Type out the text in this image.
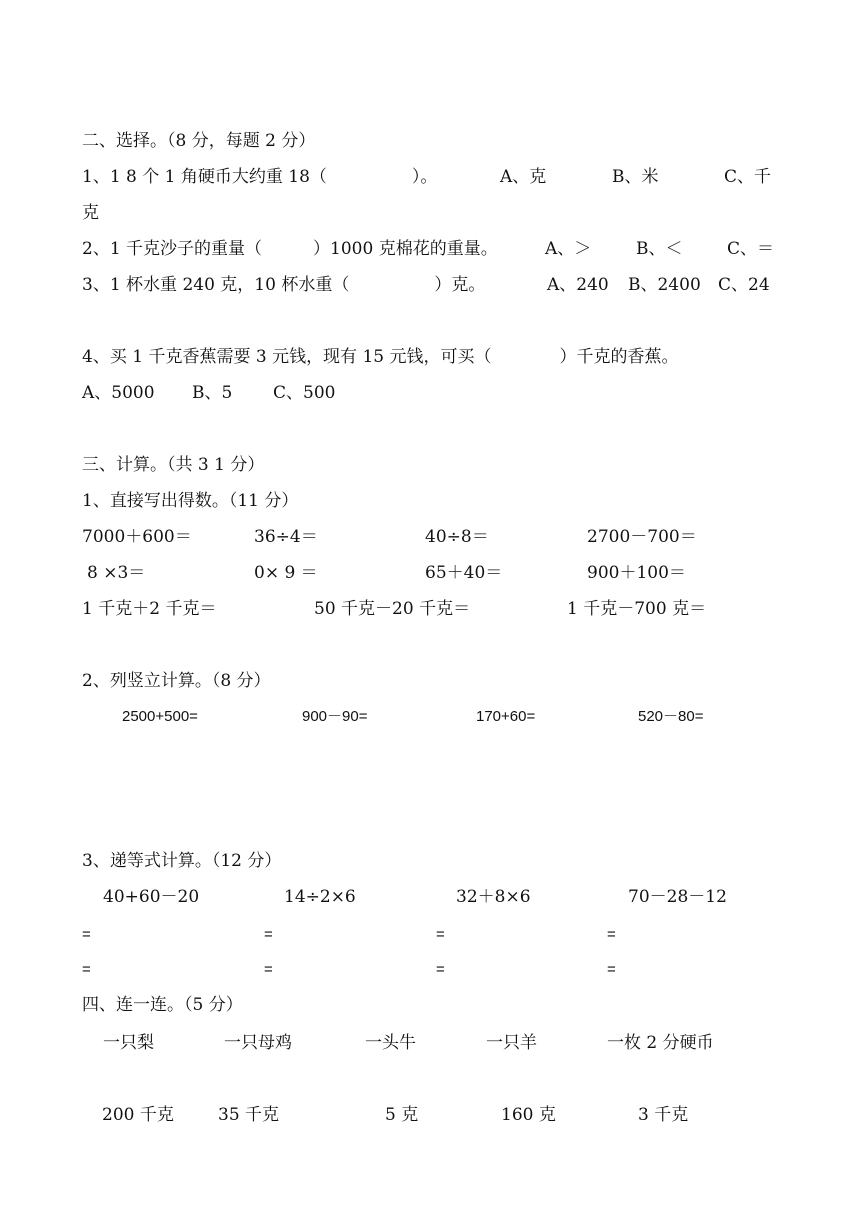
二、选择。（8 分，每题 2 分）
1、1 8 个 1 角硬币大约重 18（　　　　　）。	A、克	B、米	C、千
克
2、1 千克沙子的重量（　　　）1000 克棉花的重量。	A、＞	B、＜	C、＝
3、1 杯水重 240 克，10 杯水重（　　　　　）克。	A、240 B、2400 C、24
4、买 1 千克香蕉需要 3 元钱，现有 15 元钱，可买（　　　　）千克的香蕉。
A、5000 B、5 C、500
三、计算。（共 3 1 分）
1、直接写出得数。（11 分）
7000＋600＝	36÷4＝	40÷8＝	2700－700＝
8 ×3＝	0× 9 ＝	65＋40＝	900＋100＝
1 千克＋2 千克＝	50 千克－20 千克＝	1 千克－700 克＝
2、列竖立计算。（8 分）
2500+500=	900－90=	170+60=	520－80=
3、递等式计算。（12 分）
40+60－20	14÷2×6	32＋8×6	70－28－12
=	=	=	=
=	=	=	=
四、连一连。（5 分）
一只梨	一只母鸡	一头牛	一只羊	一枚 2 分硬币
200 千克	35 千克	5 克	160 克	3 千克
